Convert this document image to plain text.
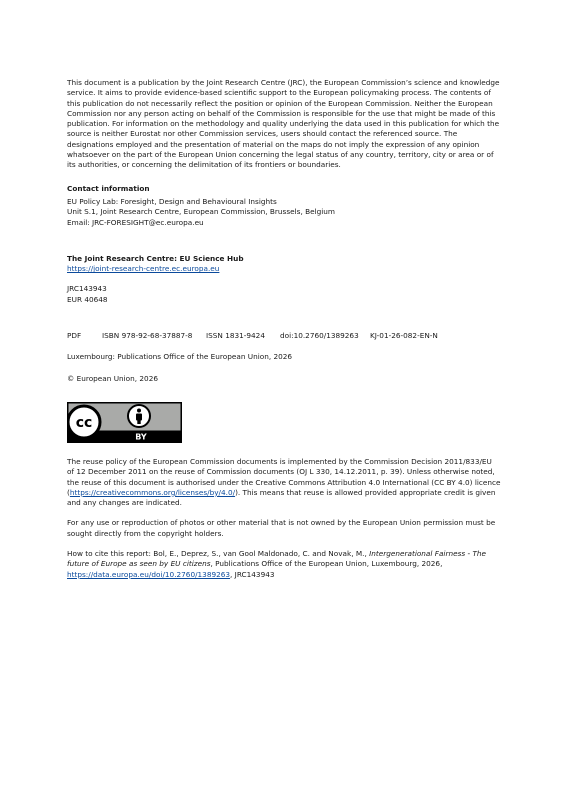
This document is a publication by the Joint Research Centre (JRC), the European Commission’s science and knowledge service. It aims to provide evidence-based scientific support to the European policymaking process. The contents of this publication do not necessarily reflect the position or opinion of the European Commission. Neither the European Commission nor any person acting on behalf of the Commission is responsible for the use that might be made of this publication. For information on the methodology and quality underlying the data used in this publication for which the source is neither Eurostat nor other Commission services, users should contact the referenced source. The designations employed and the presentation of material on the maps do not imply the expression of any opinion whatsoever on the part of the European Union concerning the legal status of any country, territory, city or area or of its authorities, or concerning the delimitation of its frontiers or boundaries.

Contact information

EU Policy Lab: Foresight, Design and Behavioural Insights

Unit S.1, Joint Research Centre, European Commission, Brussels, Belgium

Email: JRC-FORESIGHT@ec.europa.eu

The Joint Research Centre: EU Science Hub

https://joint-research-centre.ec.europa.eu

JRC143943

EUR 40648

PDF	ISBN 978-92-68-37887-8	ISSN 1831-9424	doi:10.2760/1389263	KJ-01-26-082-EN-N

Luxembourg: Publications Office of the European Union, 2026

© European Union, 2026

cc
BY

The reuse policy of the European Commission documents is implemented by the Commission Decision 2011/833/EU of 12 December 2011 on the reuse of Commission documents (OJ L 330, 14.12.2011, p. 39). Unless otherwise noted, the reuse of this document is authorised under the Creative Commons Attribution 4.0 International (CC BY 4.0) licence (https://creativecommons.org/licenses/by/4.0/). This means that reuse is allowed provided appropriate credit is given and any changes are indicated.

For any use or reproduction of photos or other material that is not owned by the European Union permission must be sought directly from the copyright holders.

How to cite this report: Bol, E., Deprez, S., van Gool Maldonado, C. and Novak, M., Intergenerational Fairness - The future of Europe as seen by EU citizens, Publications Office of the European Union, Luxembourg, 2026, https://data.europa.eu/doi/10.2760/1389263, JRC143943
